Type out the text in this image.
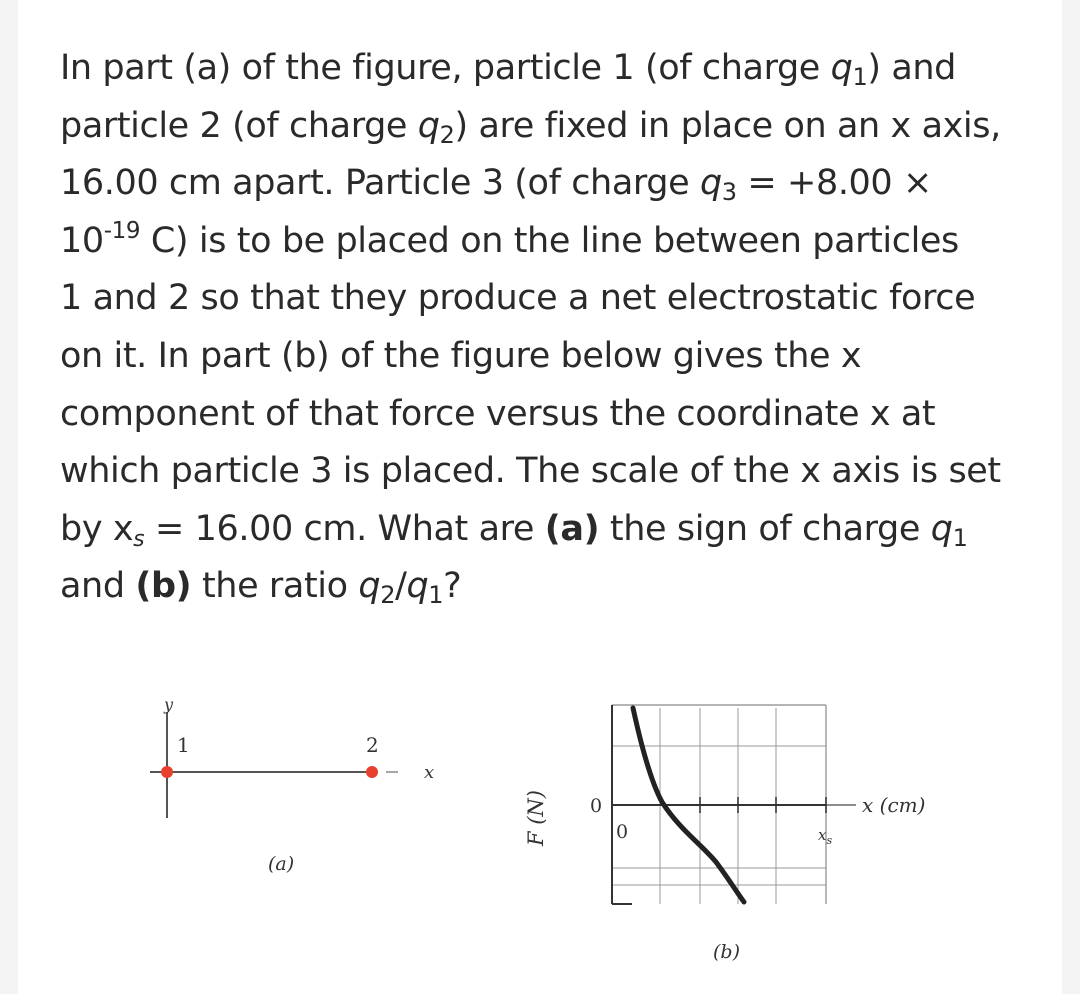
In part (a) of the figure, particle 1 (of charge $q_1$) and
particle 2 (of charge $q_2$) are fixed in place on an x axis,
16.00 cm apart. Particle 3 (of charge $q_3 = +8.00$ ×
$10^{-19}$ C) is to be placed on the line between particles
1 and 2 so that they produce a net electrostatic force
on it. In part (b) of the figure below gives the x
component of that force versus the coordinate x at
which particle 3 is placed. The scale of the x axis is set
by xs = 16.00 cm. What are (a) the sign of charge $q_1$
and (b) the ratio $q_2/q_1$?
y
1	2
x
(a)
F (N) 0
0
x (cm)
$x_s$
(b)
